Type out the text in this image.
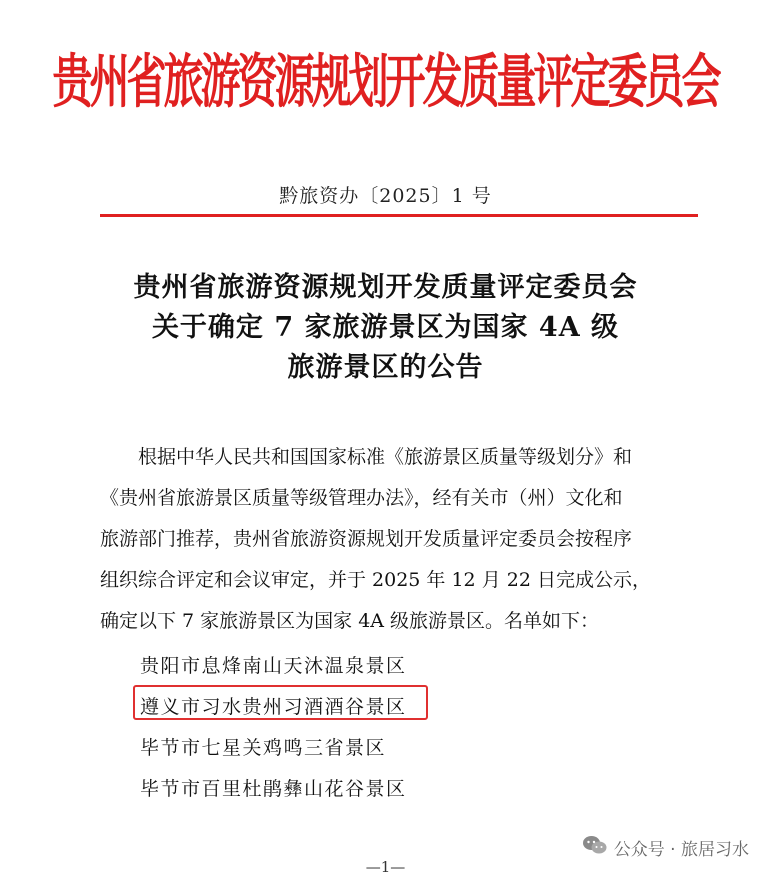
贵州省旅游资源规划开发质量评定委员会
黔旅资办〔2025〕1 号
贵州省旅游资源规划开发质量评定委员会
关于确定 7 家旅游景区为国家 4A 级
旅游景区的公告
根据中华人民共和国国家标准《旅游景区质量等级划分》和
《贵州省旅游景区质量等级管理办法》，经有关市（州）文化和
旅游部门推荐，贵州省旅游资源规划开发质量评定委员会按程序
组织综合评定和会议审定，并于 2025 年 12 月 22 日完成公示，
确定以下 7 家旅游景区为国家 4A 级旅游景区。名单如下：
贵阳市息烽南山天沐温泉景区
遵义市习水贵州习酒酒谷景区
毕节市七星关鸡鸣三省景区
毕节市百里杜鹃彝山花谷景区
公众号 · 旅居习水
—1—
